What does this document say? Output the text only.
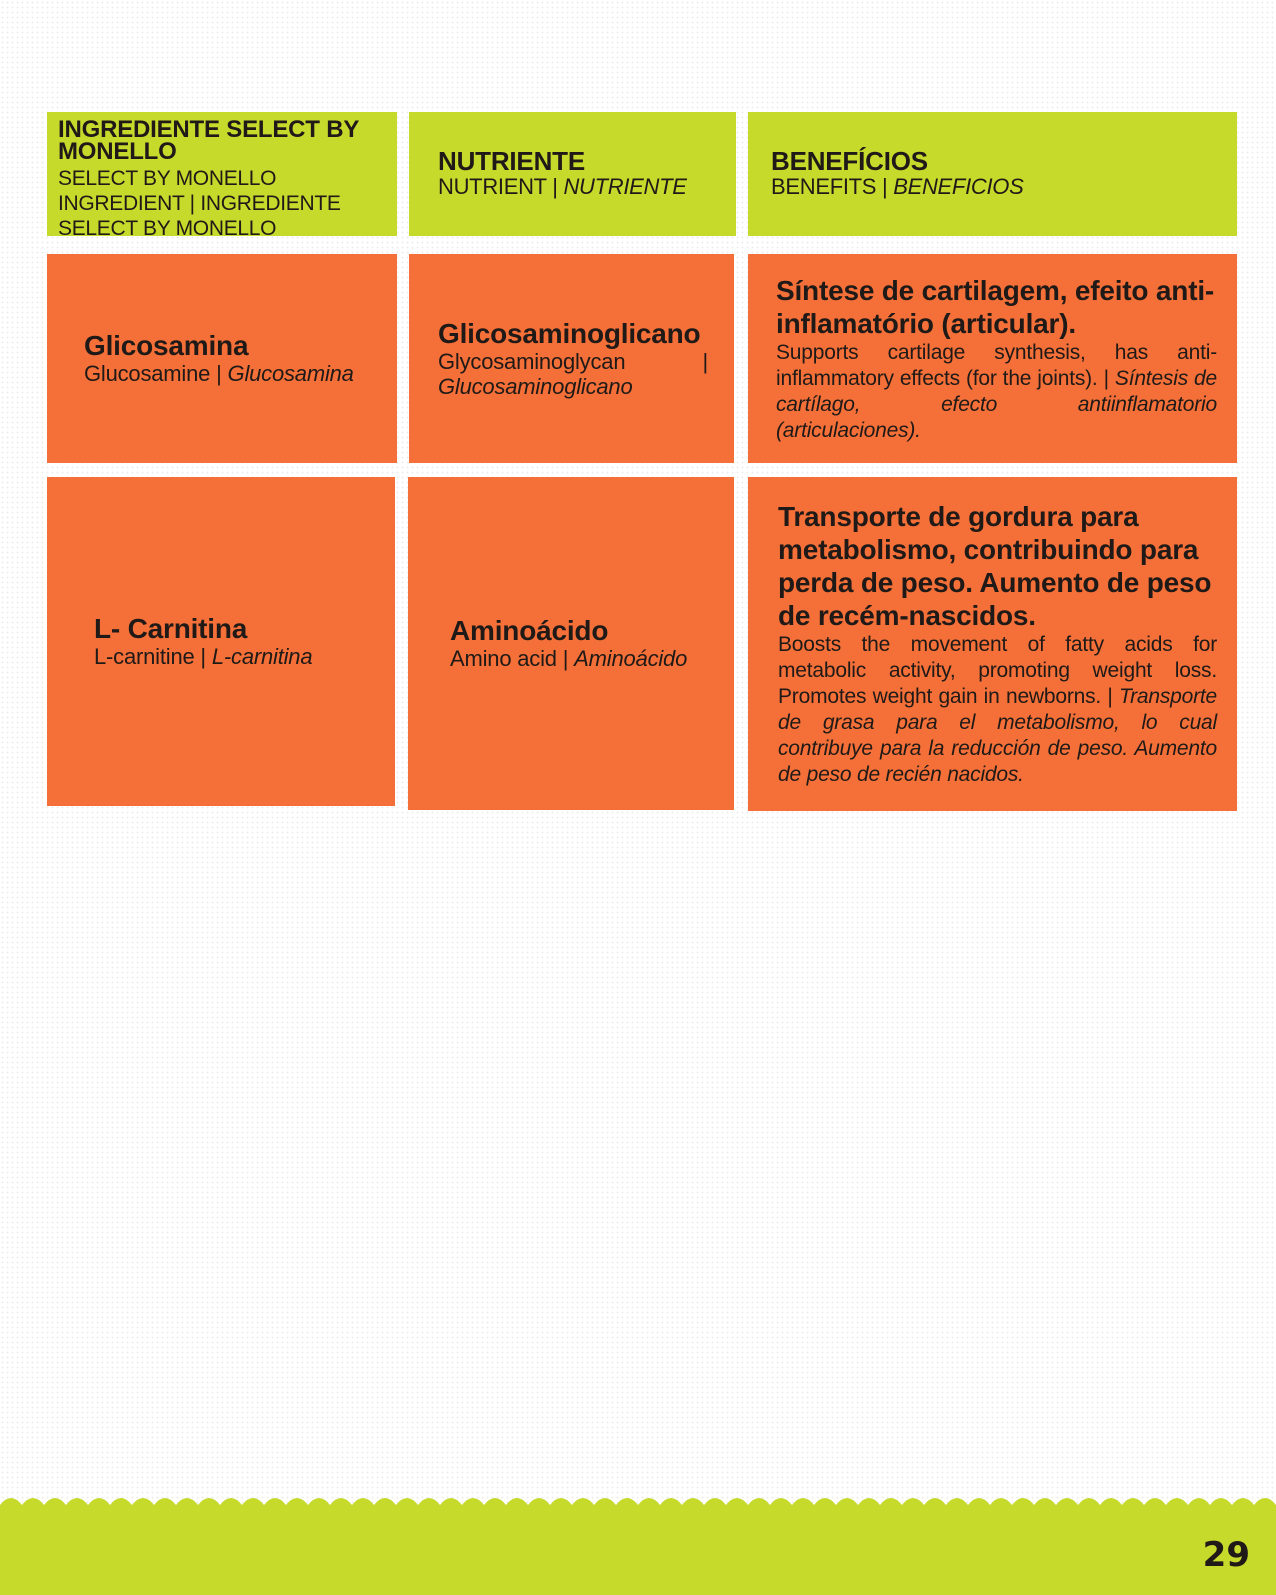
INGREDIENTE SELECT BY MONELLO
SELECT BY MONELLO INGREDIENT | INGREDIENTE SELECT BY MONELLO
NUTRIENTE
NUTRIENT | NUTRIENTE
BENEFÍCIOS
BENEFITS | BENEFICIOS
Glicosamina
Glucosamine | Glucosamina
Glicosaminoglicano
Glycosaminoglycan |
Glucosaminoglicano
Síntese de cartilagem, efeito anti-inflamatório (articular).
Supports cartilage synthesis, has anti-inflammatory effects (for the joints). | Síntesis de cartílago, efecto antiinflamatorio (articulaciones).
L- Carnitina
L-carnitine | L-carnitina
Aminoácido
Amino acid | Aminoácido
Transporte de gordura para metabolismo, contribuindo para perda de peso. Aumento de peso de recém-nascidos.
Boosts the movement of fatty acids for metabolic activity, promoting weight loss. Promotes weight gain in newborns. | Transporte de grasa para el metabolismo, lo cual contribuye para la reducción de peso. Aumento de peso de recién nacidos.
29
